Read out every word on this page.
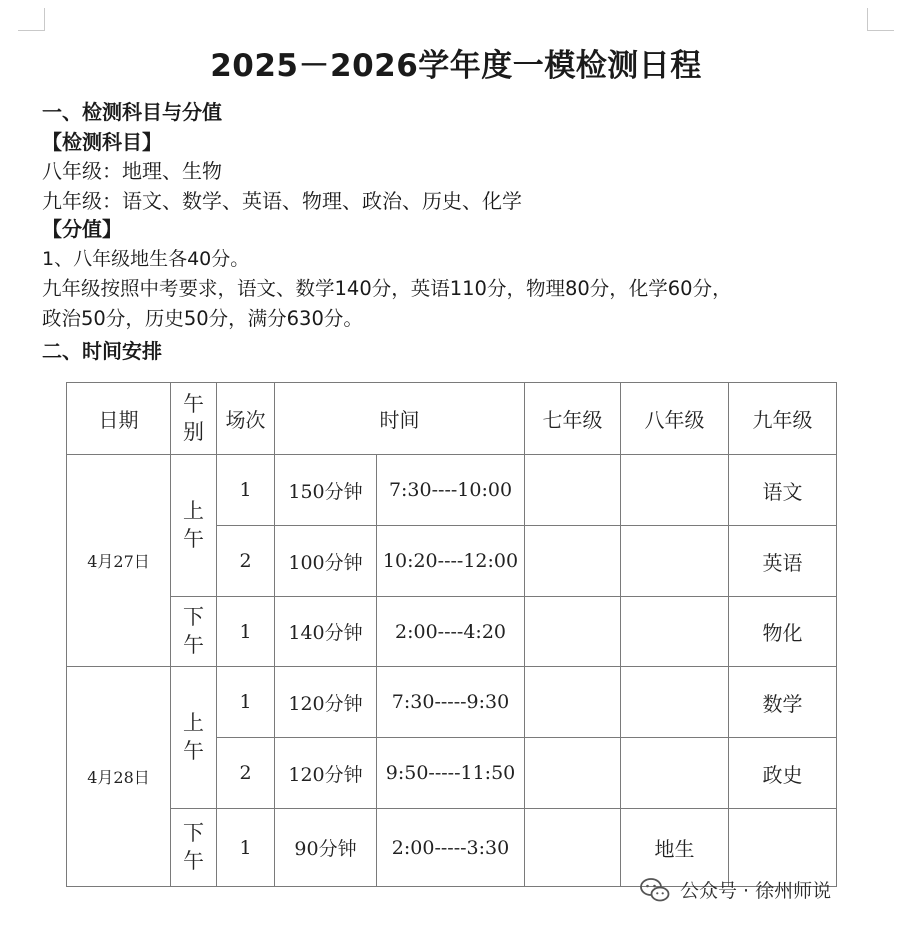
2025－2026学年度一模检测日程
一、检测科目与分值
【检测科目】
八年级：地理、生物
九年级：语文、数学、英语、物理、政治、历史、化学
【分值】
1、八年级地生各40分。
九年级按照中考要求，语文、数学140分，英语110分，物理80分，化学60分，
政治50分，历史50分，满分630分。
二、时间安排
日期	午别	场次	时间		七年级	八年级	九年级
4月27日	上午	1	150分钟	7:30----10:00			语文
		2	100分钟	10:20----12:00			英语
	下午	1	140分钟	2:00----4:20			物化
4月28日	上午	1	120分钟	7:30-----9:30			数学
		2	120分钟	9:50-----11:50			政史
	下午	1	90分钟	2:00-----3:30		地生	
公众号 · 徐州师说
